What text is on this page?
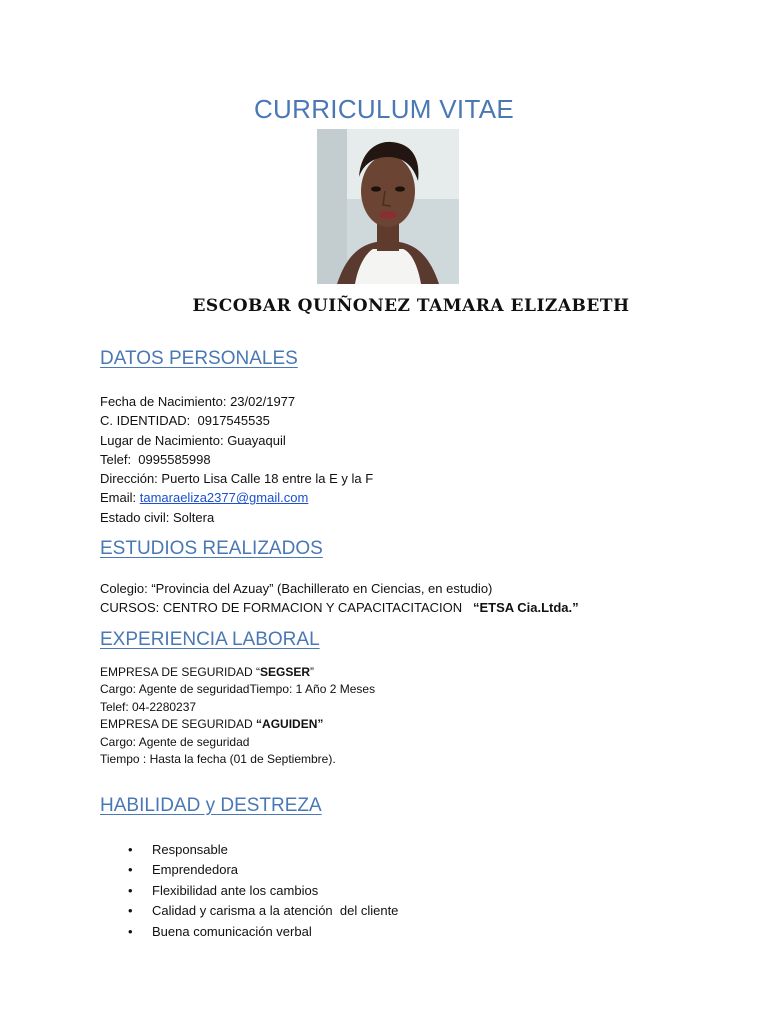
CURRICULUM VITAE
ESCOBAR QUIÑONEZ TAMARA ELIZABETH
DATOS PERSONALES
Fecha de Nacimiento: 23/02/1977
C. IDENTIDAD:  0917545535
Lugar de Nacimiento: Guayaquil
Telef:  0995585998
Dirección: Puerto Lisa Calle 18 entre la E y la F
Email: tamaraeliza2377@gmail.com
Estado civil: Soltera
ESTUDIOS REALIZADOS
Colegio: “Provincia del Azuay” (Bachillerato en Ciencias, en estudio)
CURSOS: CENTRO DE FORMACION Y CAPACITACITACION   “ETSA Cia.Ltda.”
EXPERIENCIA LABORAL
EMPRESA DE SEGURIDAD “SEGSER”
Cargo: Agente de seguridadTiempo: 1 Año 2 Meses
Telef: 04-2280237
EMPRESA DE SEGURIDAD “AGUIDEN”
Cargo: Agente de seguridad
Tiempo : Hasta la fecha (01 de Septiembre).
HABILIDAD y DESTREZA
• Responsable
• Emprendedora
• Flexibilidad ante los cambios
• Calidad y carisma a la atención  del cliente
• Buena comunicación verbal
